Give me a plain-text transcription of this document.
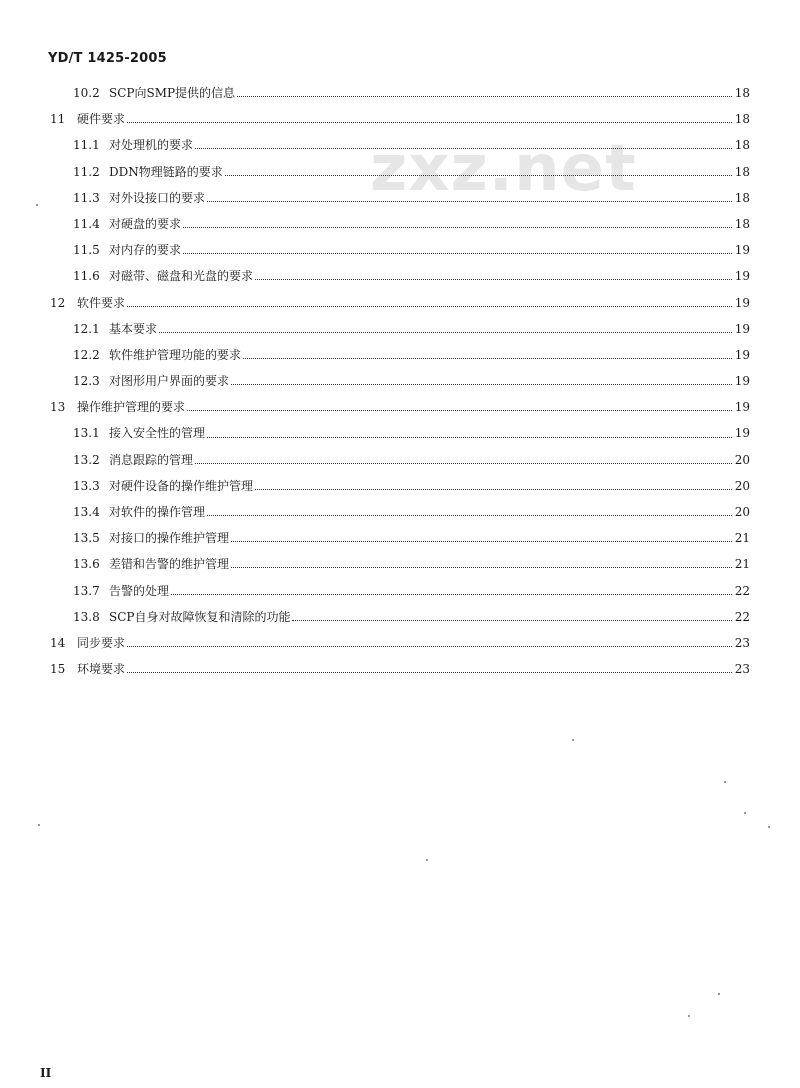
YD/T 1425-2005
zxz.net
10.2 SCP向SMP提供的信息	18
11 硬件要求	18
11.1 对处理机的要求	18
11.2 DDN物理链路的要求	18
11.3 对外设接口的要求	18
11.4 对硬盘的要求	18
11.5 对内存的要求	19
11.6 对磁带、磁盘和光盘的要求	19
12 软件要求	19
12.1 基本要求	19
12.2 软件维护管理功能的要求	19
12.3 对图形用户界面的要求	19
13 操作维护管理的要求	19
13.1 接入安全性的管理	19
13.2 消息跟踪的管理	20
13.3 对硬件设备的操作维护管理	20
13.4 对软件的操作管理	20
13.5 对接口的操作维护管理	21
13.6 差错和告警的维护管理	21
13.7 告警的处理	22
13.8 SCP自身对故障恢复和清除的功能	22
14 同步要求	23
15 环境要求	23
II
